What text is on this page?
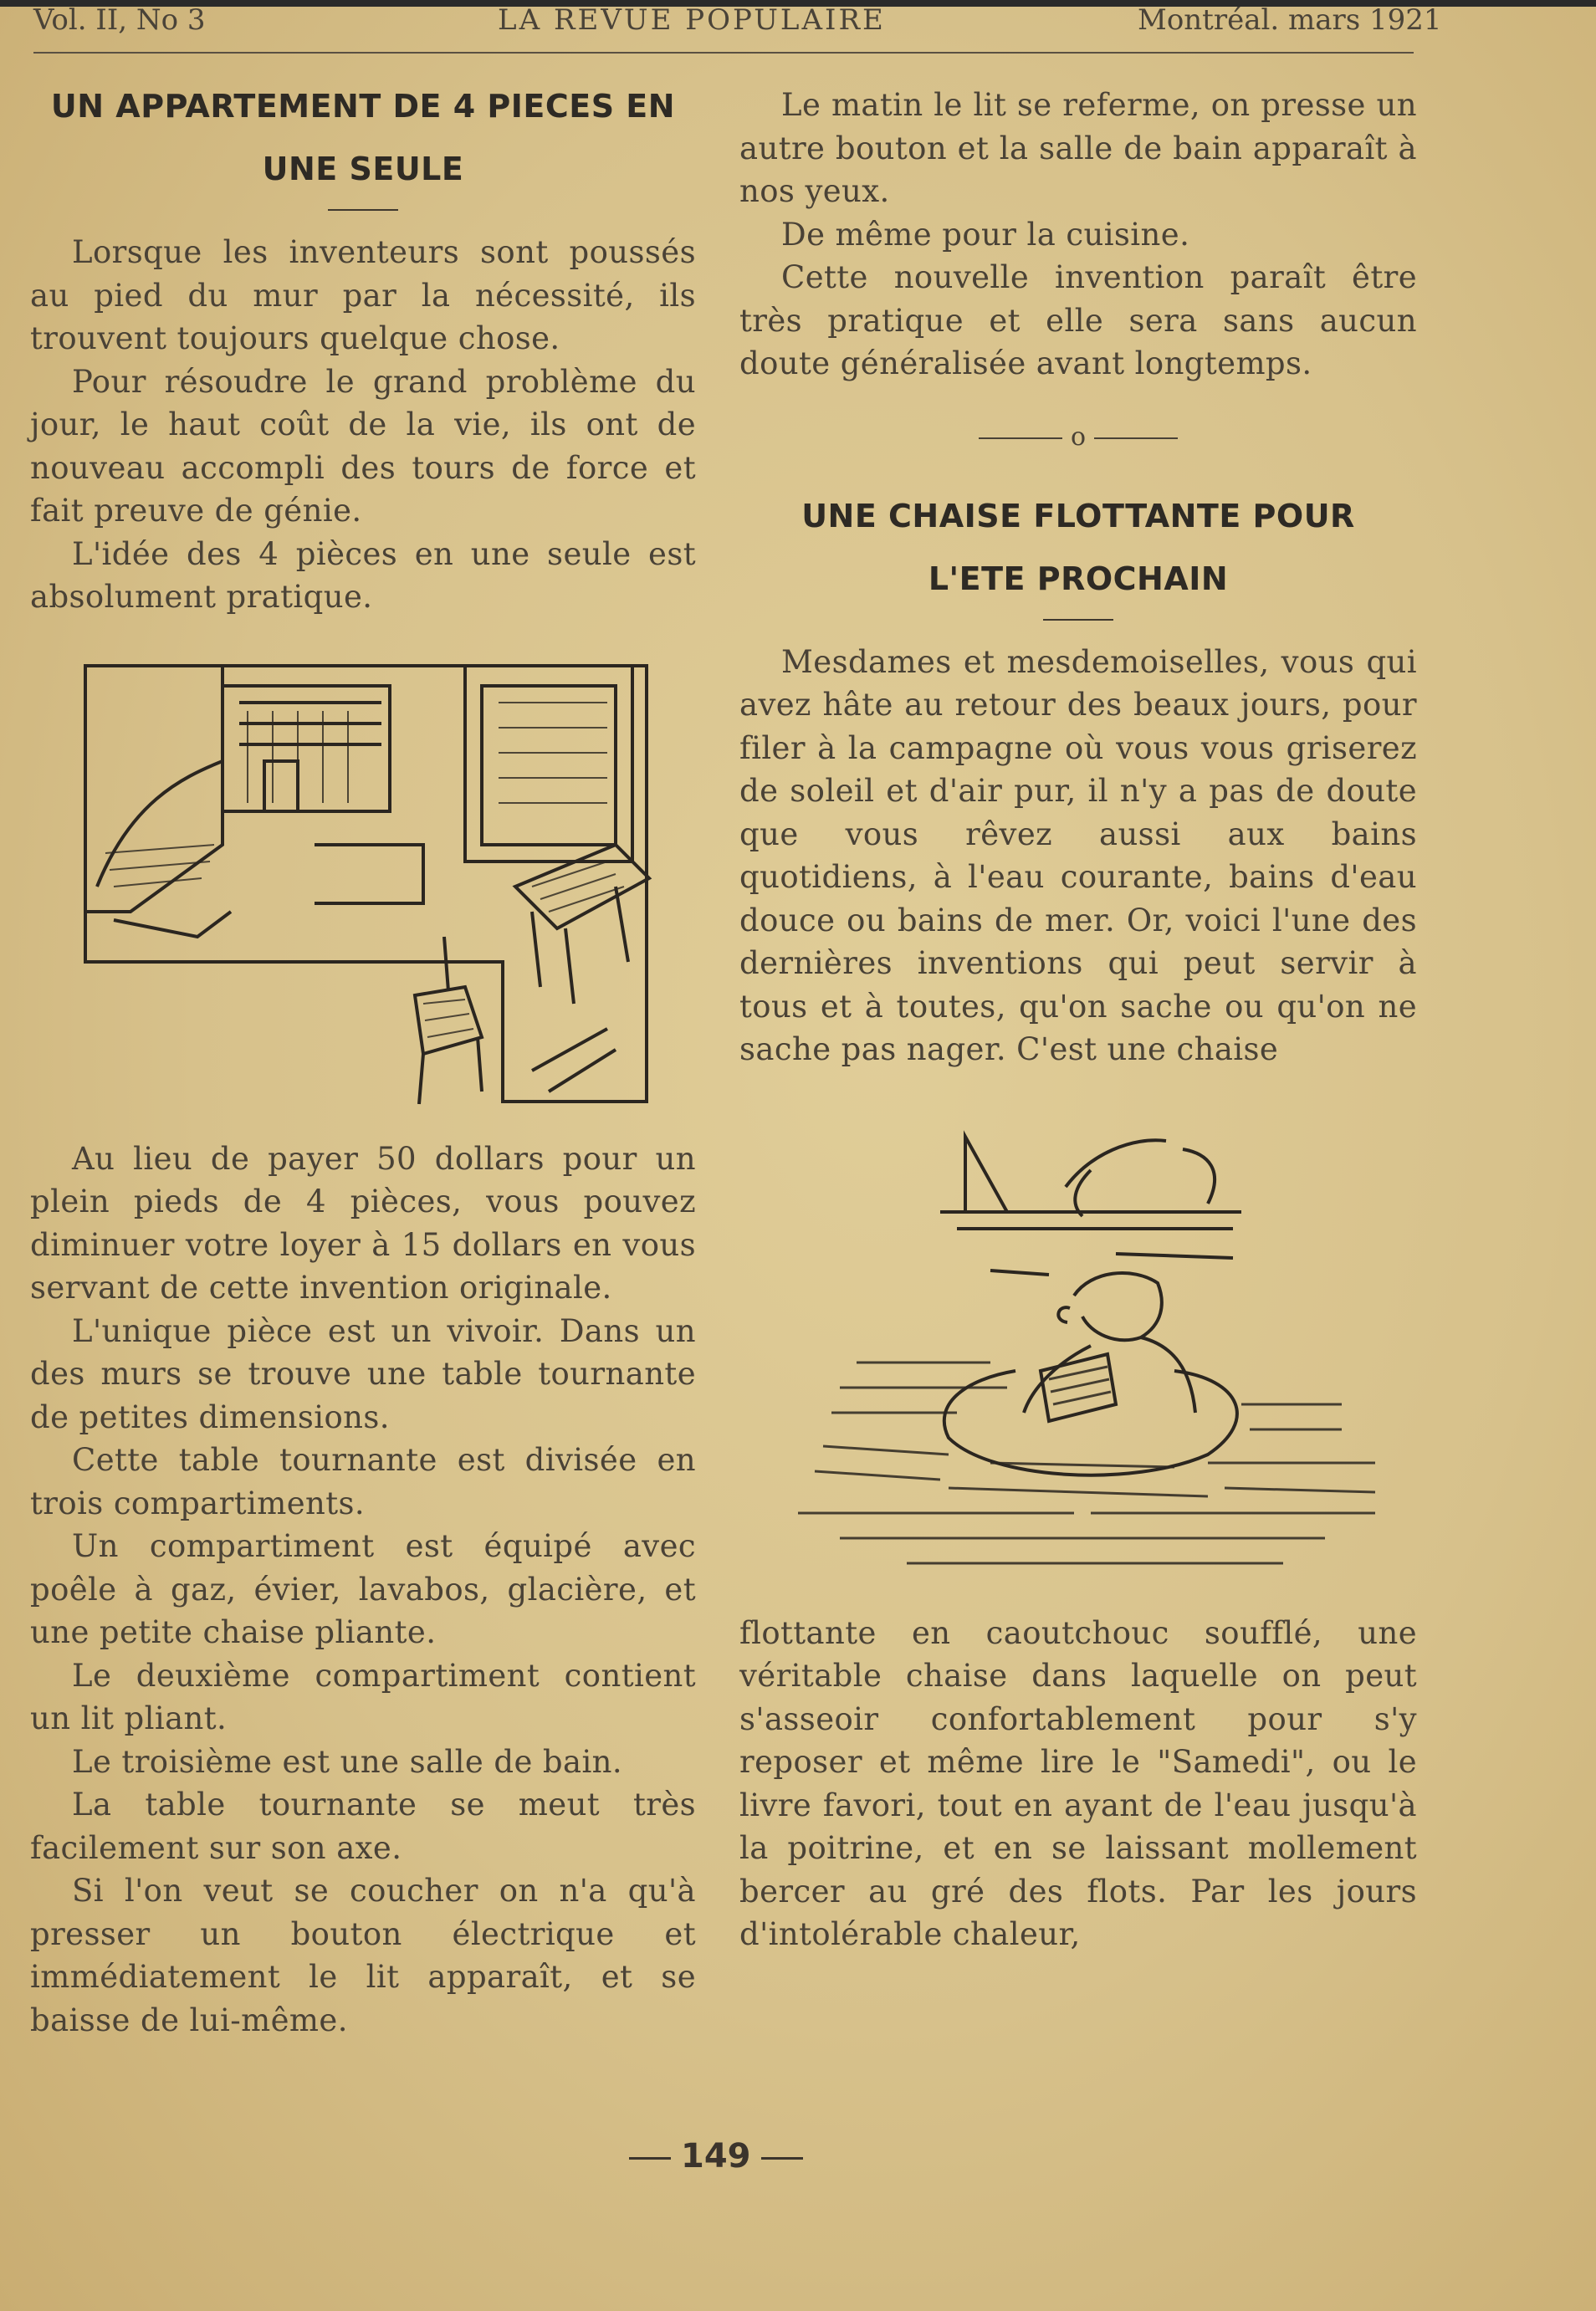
Vol. II, No 3	LA REVUE POPULAIRE	Montréal. mars 1921
UN APPARTEMENT DE 4 PIECES EN
UNE SEULE

Lorsque les inventeurs sont poussés au pied du mur par la nécessité, ils trouvent toujours quelque chose.

Pour résoudre le grand problème du jour, le haut coût de la vie, ils ont de nouveau accompli des tours de force et fait preuve de génie.

L'idée des 4 pièces en une seule est absolument pratique.

Au lieu de payer 50 dollars pour un plein pieds de 4 pièces, vous pouvez diminuer votre loyer à 15 dollars en vous servant de cette invention originale.

L'unique pièce est un vivoir. Dans un des murs se trouve une table tournante de petites dimensions.

Cette table tournante est divisée en trois compartiments.

Un compartiment est équipé avec poêle à gaz, évier, lavabos, glacière, et une petite chaise pliante.

Le deuxième compartiment contient un lit pliant.

Le troisième est une salle de bain.

La table tournante se meut très facilement sur son axe.

Si l'on veut se coucher on n'a qu'à presser un bouton électrique et immédiatement le lit apparaît, et se baisse de lui-même.

Le matin le lit se referme, on presse un autre bouton et la salle de bain apparaît à nos yeux.

De même pour la cuisine.

Cette nouvelle invention paraît être très pratique et elle sera sans aucun doute généralisée avant longtemps.

o
UNE CHAISE FLOTTANTE POUR
L'ETE PROCHAIN

Mesdames et mesdemoiselles, vous qui avez hâte au retour des beaux jours, pour filer à la campagne où vous vous griserez de soleil et d'air pur, il n'y a pas de doute que vous rêvez aussi aux bains quotidiens, à l'eau courante, bains d'eau douce ou bains de mer. Or, voici l'une des dernières inventions qui peut servir à tous et à toutes, qu'on sache ou qu'on ne sache pas nager. C'est une chaise

flottante en caoutchouc soufflé, une véritable chaise dans laquelle on peut s'asseoir confortablement pour s'y reposer et même lire le "Samedi", ou le livre favori, tout en ayant de l'eau jusqu'à la poitrine, et en se laissant mollement bercer au gré des flots. Par les jours d'intolérable chaleur,

149
